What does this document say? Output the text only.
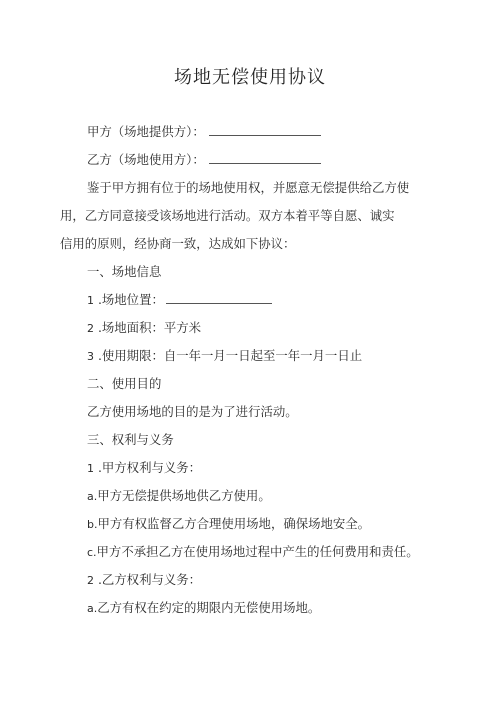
场地无偿使用协议
甲方（场地提供方）：
乙方（场地使用方）：
鉴于甲方拥有位于的场地使用权，并愿意无偿提供给乙方使
用，乙方同意接受该场地进行活动。双方本着平等自愿、诚实
信用的原则，经协商一致，达成如下协议：
一、场地信息
1 .场地位置：
2 .场地面积：平方米
3 .使用期限：自一年一月一日起至一年一月一日止
二、使用目的
乙方使用场地的目的是为了进行活动。
三、权利与义务
1 .甲方权利与义务：
a.甲方无偿提供场地供乙方使用。
b.甲方有权监督乙方合理使用场地，确保场地安全。
c.甲方不承担乙方在使用场地过程中产生的任何费用和责任。
2 .乙方权利与义务：
a.乙方有权在约定的期限内无偿使用场地。
